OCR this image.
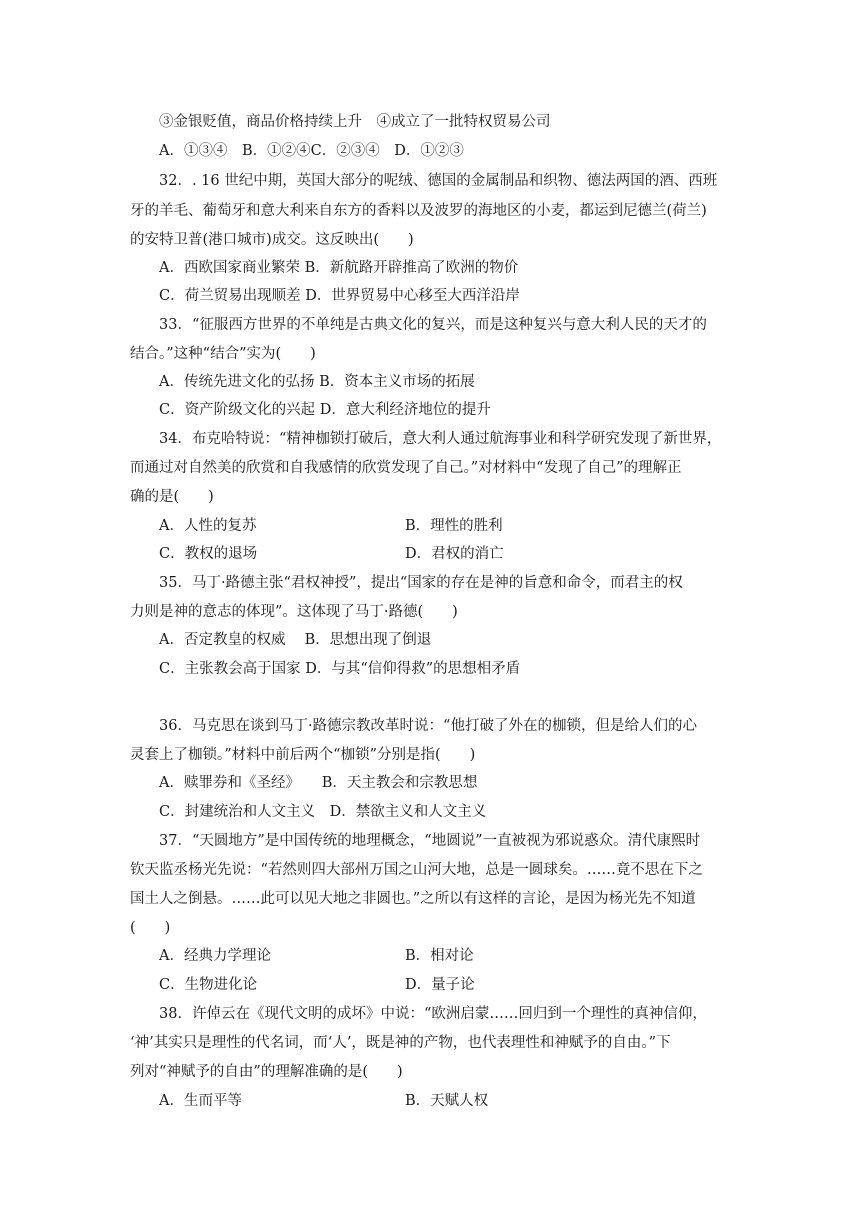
③金银贬值，商品价格持续上升　④成立了一批特权贸易公司
A．①③④　B．①②④C．②③④　D．①②③
32．. 16 世纪中期，英国大部分的呢绒、德国的金属制品和织物、德法两国的酒、西班
牙的羊毛、葡萄牙和意大利来自东方的香料以及波罗的海地区的小麦，都运到尼德兰(荷兰)
的安特卫普(港口城市)成交。这反映出(　　)
A．西欧国家商业繁荣 B．新航路开辟推高了欧洲的物价
C．荷兰贸易出现顺差 D．世界贸易中心移至大西洋沿岸
33．“征服西方世界的不单纯是古典文化的复兴，而是这种复兴与意大利人民的天才的
结合。”这种“结合”实为(　　)
A．传统先进文化的弘扬 B．资本主义市场的拓展
C．资产阶级文化的兴起 D．意大利经济地位的提升
34．布克哈特说：“精神枷锁打破后，意大利人通过航海事业和科学研究发现了新世界，
而通过对自然美的欣赏和自我感情的欣赏发现了自己。”对材料中“发现了自己”的理解正
确的是(　　)
A．人性的复苏	B．理性的胜利
C．教权的退场	D．君权的消亡
35．马丁·路德主张“君权神授”，提出“国家的存在是神的旨意和命令，而君主的权
力则是神的意志的体现”。这体现了马丁·路德(　　)
A．否定教皇的权威　 B．思想出现了倒退
C．主张教会高于国家 D．与其“信仰得救”的思想相矛盾
36．马克思在谈到马丁·路德宗教改革时说：“他打破了外在的枷锁，但是给人们的心
灵套上了枷锁。”材料中前后两个“枷锁”分别是指(　　)
A．赎罪券和《圣经》　　B．天主教会和宗教思想
C．封建统治和人文主义　D．禁欲主义和人文主义
37．“天圆地方”是中国传统的地理概念，“地圆说”一直被视为邪说惑众。清代康熙时
钦天监丞杨光先说：“若然则四大部州万国之山河大地，总是一圆球矣。……竟不思在下之
国土人之倒悬。……此可以见大地之非圆也。”之所以有这样的言论，是因为杨光先不知道
(　　)
A．经典力学理论	B．相对论
C．生物进化论	D．量子论
38．许倬云在《现代文明的成坏》中说：“欧洲启蒙……回归到一个理性的真神信仰，
‘神’其实只是理性的代名词，而‘人’，既是神的产物，也代表理性和神赋予的自由。”下
列对“神赋予的自由”的理解准确的是(　　)
A．生而平等	B．天赋人权
